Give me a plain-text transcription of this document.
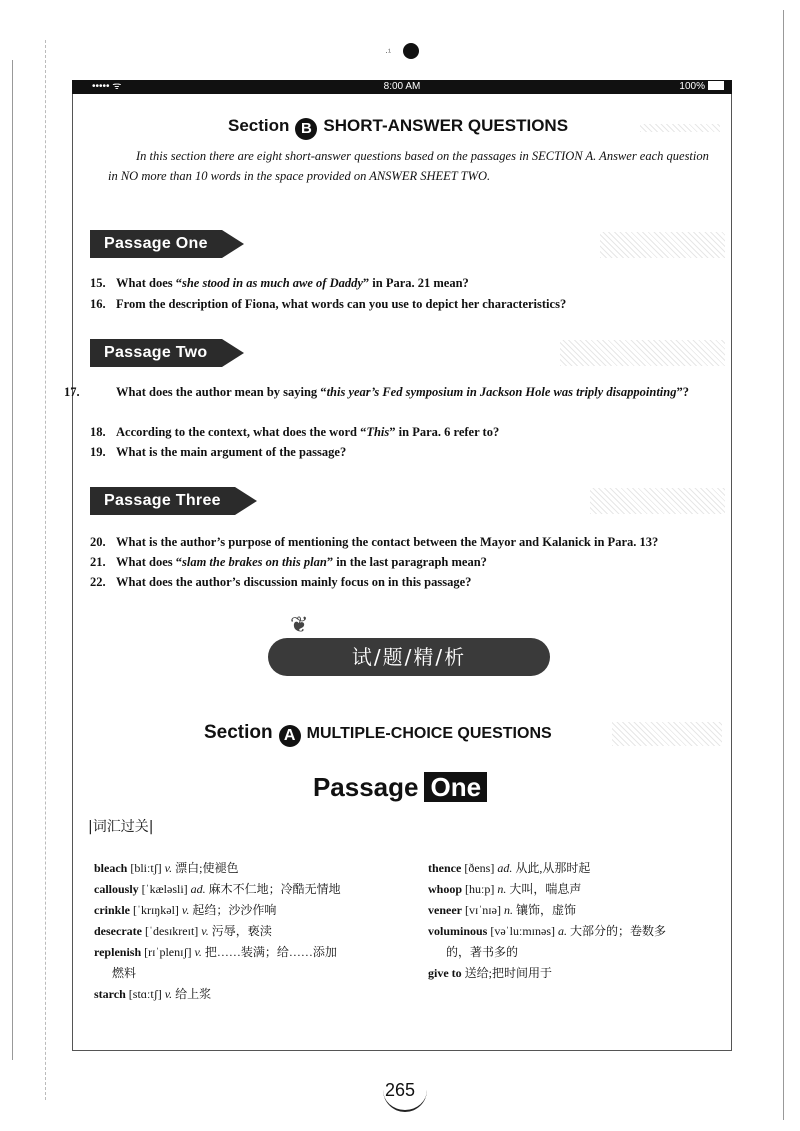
·¹
••••• ᯤ	8:00 AM	100%
Section B SHORT-ANSWER QUESTIONS
In this section there are eight short-answer questions based on the passages in SECTION A. Answer each question in NO more than 10 words in the space provided on ANSWER SHEET TWO.
Passage One
15. What does “she stood in as much awe of Daddy” in Para. 21 mean?
16. From the description of Fiona, what words can you use to depict her characteristics?
Passage Two
17.	What does the author mean by saying “this year’s Fed symposium in Jackson Hole was triply disappointing”?
18. According to the context, what does the word “This” in Para. 6 refer to?
19. What is the main argument of the passage?
Passage Three
20. What is the author’s purpose of mentioning the contact between the Mayor and Kalanick in Para. 13?
21. What does “slam the brakes on this plan” in the last paragraph mean?
22. What does the author’s discussion mainly focus on in this passage?
❦
试/题/精/析
Section A MULTIPLE-CHOICE QUESTIONS
Passage One
|词汇过关|
bleach [bliːtʃ] v. 漂白;使褪色
callously [ˈkæləsli] ad. 麻木不仁地；冷酷无情地
crinkle [ˈkrɪŋkəl] v. 起绉；沙沙作响
desecrate [ˈdesɪkreɪt] v. 污辱，亵渎
replenish [rɪˈplenɪʃ] v. 把……装满；给……添加
燃料
starch [stɑːtʃ] v. 给上浆
thence [ðens] ad. 从此,从那时起
whoop [huːp] n. 大叫，喘息声
veneer [vɪˈnɪə] n. 镶饰，虚饰
voluminous [vəˈluːmɪnəs] a. 大部分的；卷数多
的，著书多的
give to 送给;把时间用于
265
